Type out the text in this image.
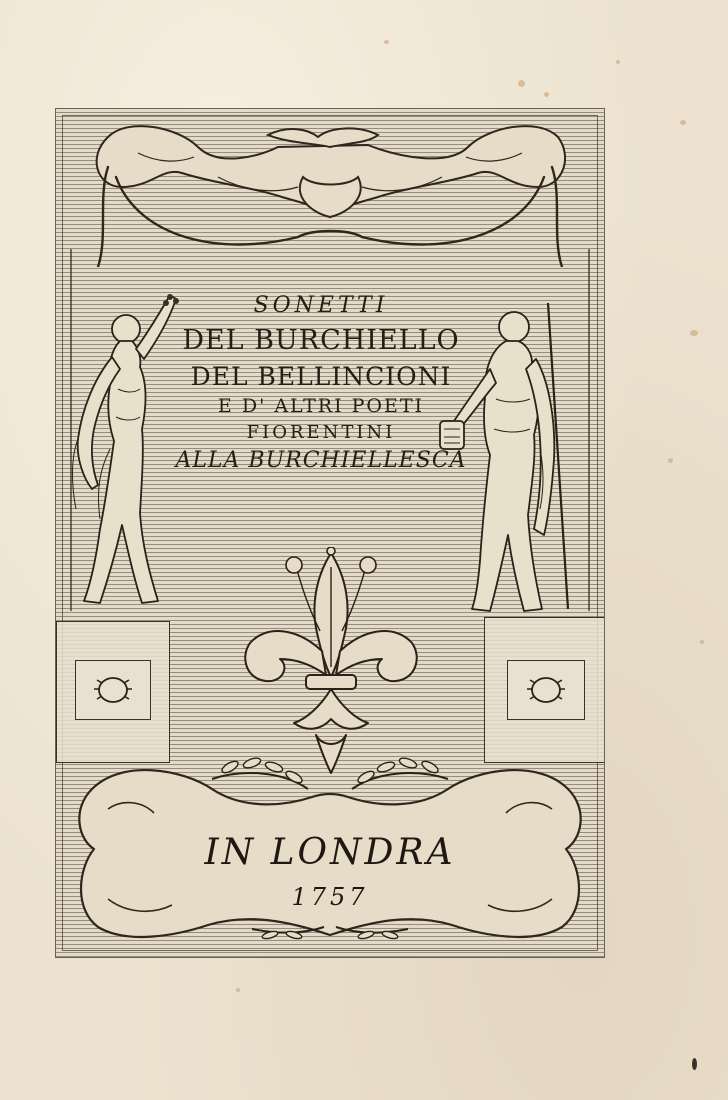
SONETTI
DEL BURCHIELLO
DEL BELLINCIONI
E D' ALTRI POETI
FIORENTINI
ALLA BURCHIELLESCA
IN LONDRA
1757
